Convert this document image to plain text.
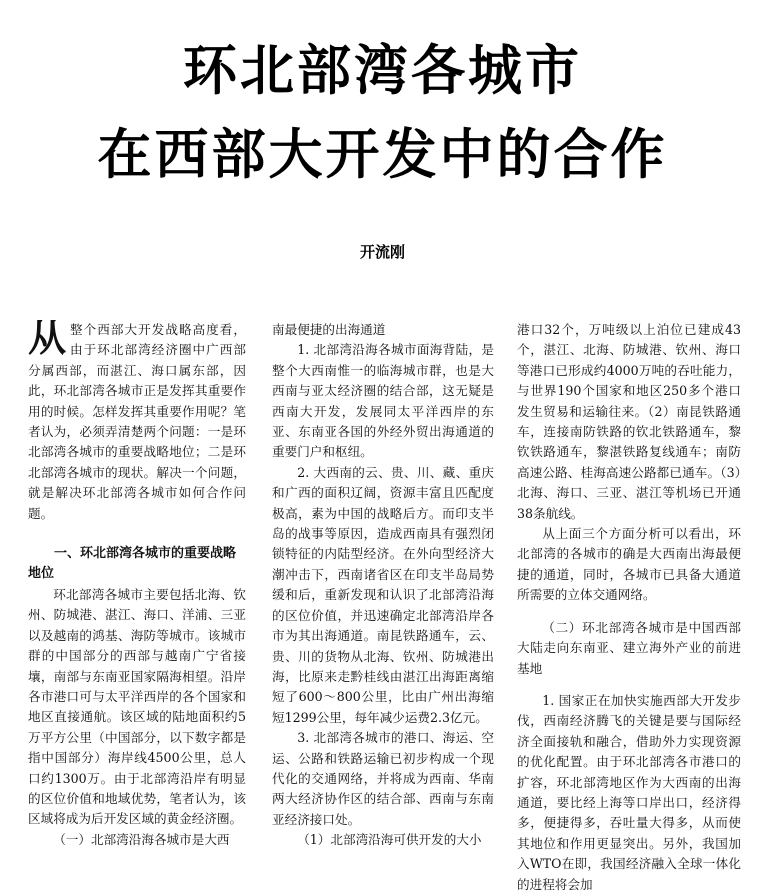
环北部湾各城市
在西部大开发中的合作
开流刚

从整个西部大开发战略高度看，由于环北部湾经济圈中广西部分属西部，而湛江、海口属东部，因此，环北部湾各城市正是发挥其重要作用的时候。怎样发挥其重要作用呢？笔者认为，必须弄清楚两个问题：一是环北部湾各城市的重要战略地位；二是环北部湾各城市的现状。解决一个问题，就是解决环北部湾各城市如何合作问题。

一、环北部湾各城市的重要战略地位

环北部湾各城市主要包括北海、钦州、防城港、湛江、海口、洋浦、三亚以及越南的鸿基、海防等城市。该城市群的中国部分的西部与越南广宁省接壤，南部与东南亚国家隔海相望。沿岸各市港口可与太平洋西岸的各个国家和地区直接通航。该区域的陆地面积约5万平方公里（中国部分，以下数字都是指中国部分）海岸线4500公里，总人口约1300万。由于北部湾沿岸有明显的区位价值和地域优势，笔者认为，该区域将成为后开发区域的黄金经济圈。

（一）北部湾沿海各城市是大西

南最便捷的出海通道

1. 北部湾沿海各城市面海背陆，是整个大西南惟一的临海城市群，也是大西南与亚太经济圈的结合部，这无疑是西南大开发，发展同太平洋西岸的东亚、东南亚各国的外经外贸出海通道的重要门户和枢纽。

2. 大西南的云、贵、川、藏、重庆和广西的面积辽阔，资源丰富且匹配度极高，素为中国的战略后方。而印支半岛的战事等原因，造成西南具有强烈闭锁特征的内陆型经济。在外向型经济大潮冲击下，西南诸省区在印支半岛局势缓和后，重新发现和认识了北部湾沿海的区位价值，并迅速确定北部湾沿岸各市为其出海通道。南昆铁路通车，云、贵、川的货物从北海、钦州、防城港出海，比原来走黔桂线由湛江出海距离缩短了600～800公里，比由广州出海缩短1299公里，每年减少运费2.3亿元。

3. 北部湾各城市的港口、海运、空运、公路和铁路运输已初步构成一个现代化的交通网络，并将成为西南、华南两大经济协作区的结合部、西南与东南亚经济接口处。

（1）北部湾沿海可供开发的大小

港口32个，万吨级以上泊位已建成43个，湛江、北海、防城港、钦州、海口等港口已形成约4000万吨的吞吐能力，与世界190个国家和地区250多个港口发生贸易和运输往来。（2）南昆铁路通车，连接南防铁路的钦北铁路通车，黎钦铁路通车，黎湛铁路复线通车；南防高速公路、桂海高速公路都已通车。（3）北海、海口、三亚、湛江等机场已开通38条航线。

从上面三个方面分析可以看出，环北部湾的各城市的确是大西南出海最便捷的通道，同时，各城市已具备大通道所需要的立体交通网络。

（二）环北部湾各城市是中国西部大陆走向东南亚、建立海外产业的前进基地

1. 国家正在加快实施西部大开发步伐，西南经济腾飞的关键是要与国际经济全面接轨和融合，借助外力实现资源的优化配置。由于环北部湾各市港口的扩容，环北部湾地区作为大西南的出海通道，要比经上海等口岸出口，经济得多，便捷得多，吞吐量大得多，从而使其地位和作用更显突出。另外，我国加入WTO在即，我国经济融入全球一体化的进程将会加
